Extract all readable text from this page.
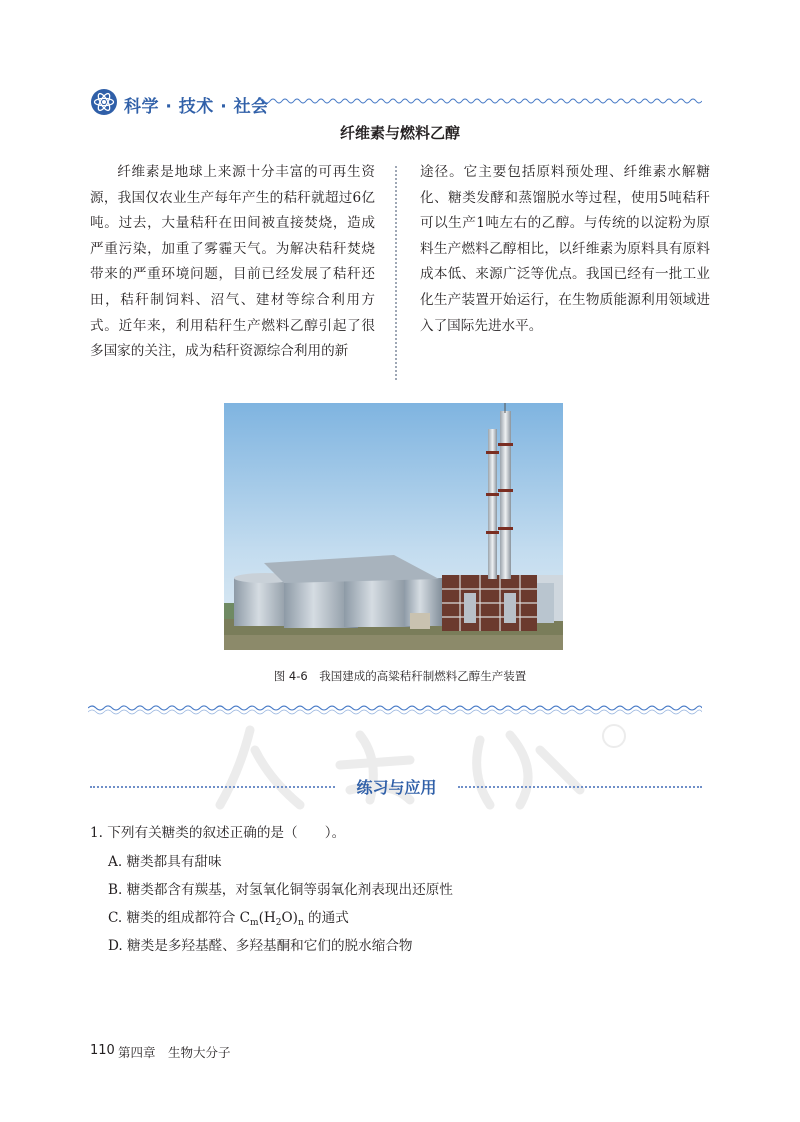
科学 · 技术 · 社会
纤维素与燃料乙醇

纤维素是地球上来源十分丰富的可再生资源，我国仅农业生产每年产生的秸秆就超过6亿吨。过去，大量秸秆在田间被直接焚烧，造成严重污染，加重了雾霾天气。为解决秸秆焚烧带来的严重环境问题，目前已经发展了秸秆还田，秸秆制饲料、沼气、建材等综合利用方式。近年来，利用秸秆生产燃料乙醇引起了很多国家的关注，成为秸秆资源综合利用的新

途径。它主要包括原料预处理、纤维素水解糖化、糖类发酵和蒸馏脱水等过程，使用5吨秸秆可以生产1吨左右的乙醇。与传统的以淀粉为原料生产燃料乙醇相比，以纤维素为原料具有原料成本低、来源广泛等优点。我国已经有一批工业化生产装置开始运行，在生物质能源利用领域进入了国际先进水平。

图 4-6　我国建成的高粱秸秆制燃料乙醇生产装置
练习与应用
1. 下列有关糖类的叙述正确的是（　　）。
A. 糖类都具有甜味
B. 糖类都含有羰基，对氢氧化铜等弱氧化剂表现出还原性
C. 糖类的组成都符合 $C_m(H_2O)_n$ 的通式
D. 糖类是多羟基醛、多羟基酮和它们的脱水缩合物
110 第四章 生物大分子
